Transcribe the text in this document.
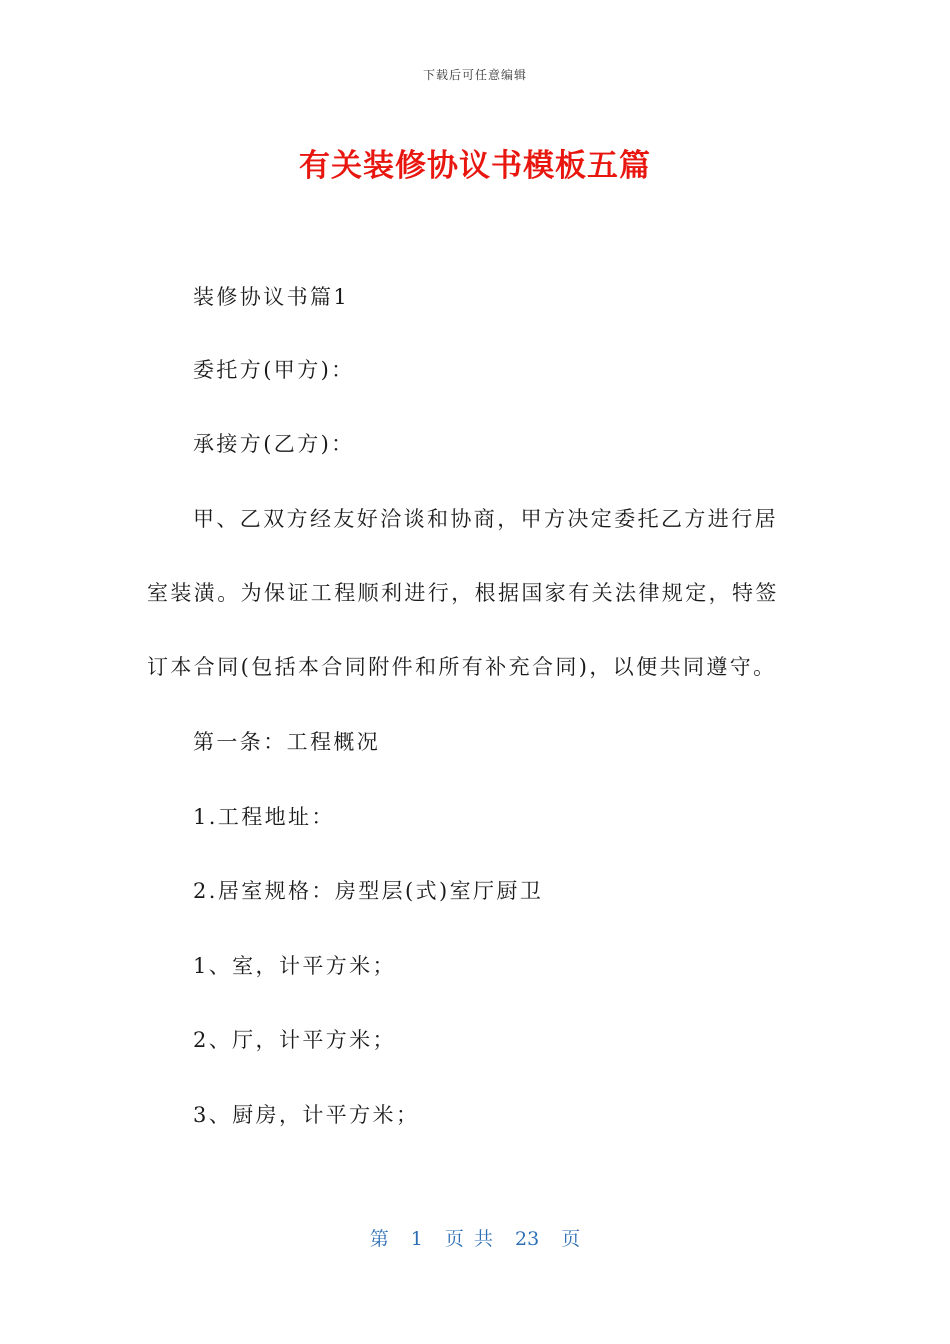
下载后可任意编辑
有关装修协议书模板五篇
装修协议书篇1
委托方(甲方)：
承接方(乙方)：
甲、乙双方经友好洽谈和协商，甲方决定委托乙方进行居
室装潢。为保证工程顺利进行，根据国家有关法律规定，特签
订本合同(包括本合同附件和所有补充合同)，以便共同遵守。
第一条：工程概况
1.工程地址：
2.居室规格：房型层(式)室厅厨卫
1、室，计平方米；
2、厅，计平方米；
3、厨房，计平方米；
第 1 页 共 23 页
